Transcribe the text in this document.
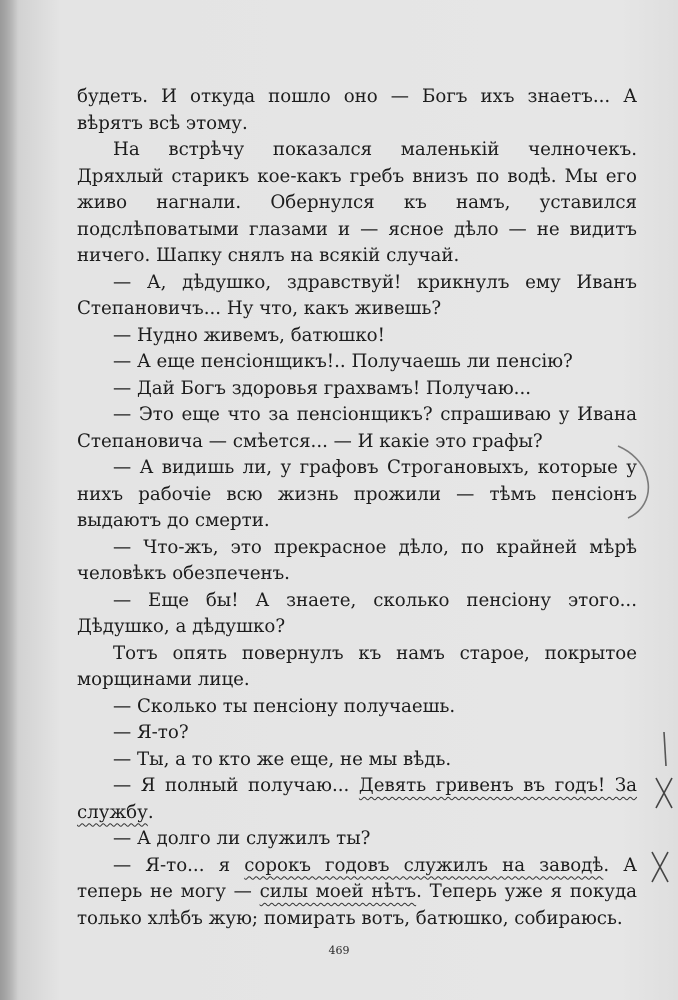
будетъ. И откуда пошло оно — Богъ ихъ знаетъ... А вѣрятъ всѣ этому.

На встрѣчу показался маленькій челночекъ. Дряхлый старикъ кое-какъ гребъ внизъ по водѣ. Мы его живо нагнали. Обернулся къ намъ, уставился подслѣповатыми глазами и — ясное дѣло — не видитъ ничего. Шапку снялъ на всякій случай.

— А, дѣдушко, здравствуй! крикнулъ ему Иванъ Степановичъ... Ну что, какъ живешь?

— Нудно живемъ, батюшко!

— А еще пенсіонщикъ!.. Получаешь ли пенсію?

— Дай Богъ здоровья грахвамъ! Получаю...

— Это еще что за пенсіонщикъ? спрашиваю у Ивана Степановича — смѣется... — И какіе это графы?

— А видишь ли, у графовъ Строгановыхъ, которые у нихъ рабочіе всю жизнь прожили — тѣмъ пенсіонъ выдаютъ до смерти.

— Что-жъ, это прекрасное дѣло, по крайней мѣрѣ человѣкъ обезпеченъ.

— Еще бы! А знаете, сколько пенсіону этого... Дѣдушко, а дѣдушко?

Тотъ опять повернулъ къ намъ старое, покрытое морщинами лице.

— Сколько ты пенсіону получаешь.

— Я-то?

— Ты, а то кто же еще, не мы вѣдь.

— Я полный получаю... Девять гривенъ въ годъ! За службу.

— А долго ли служилъ ты?

— Я-то... я сорокъ годовъ служилъ на заводѣ. А теперь не могу — силы моей нѣтъ. Теперь уже я покуда только хлѣбъ жую; помирать вотъ, батюшко, собираюсь.

469
